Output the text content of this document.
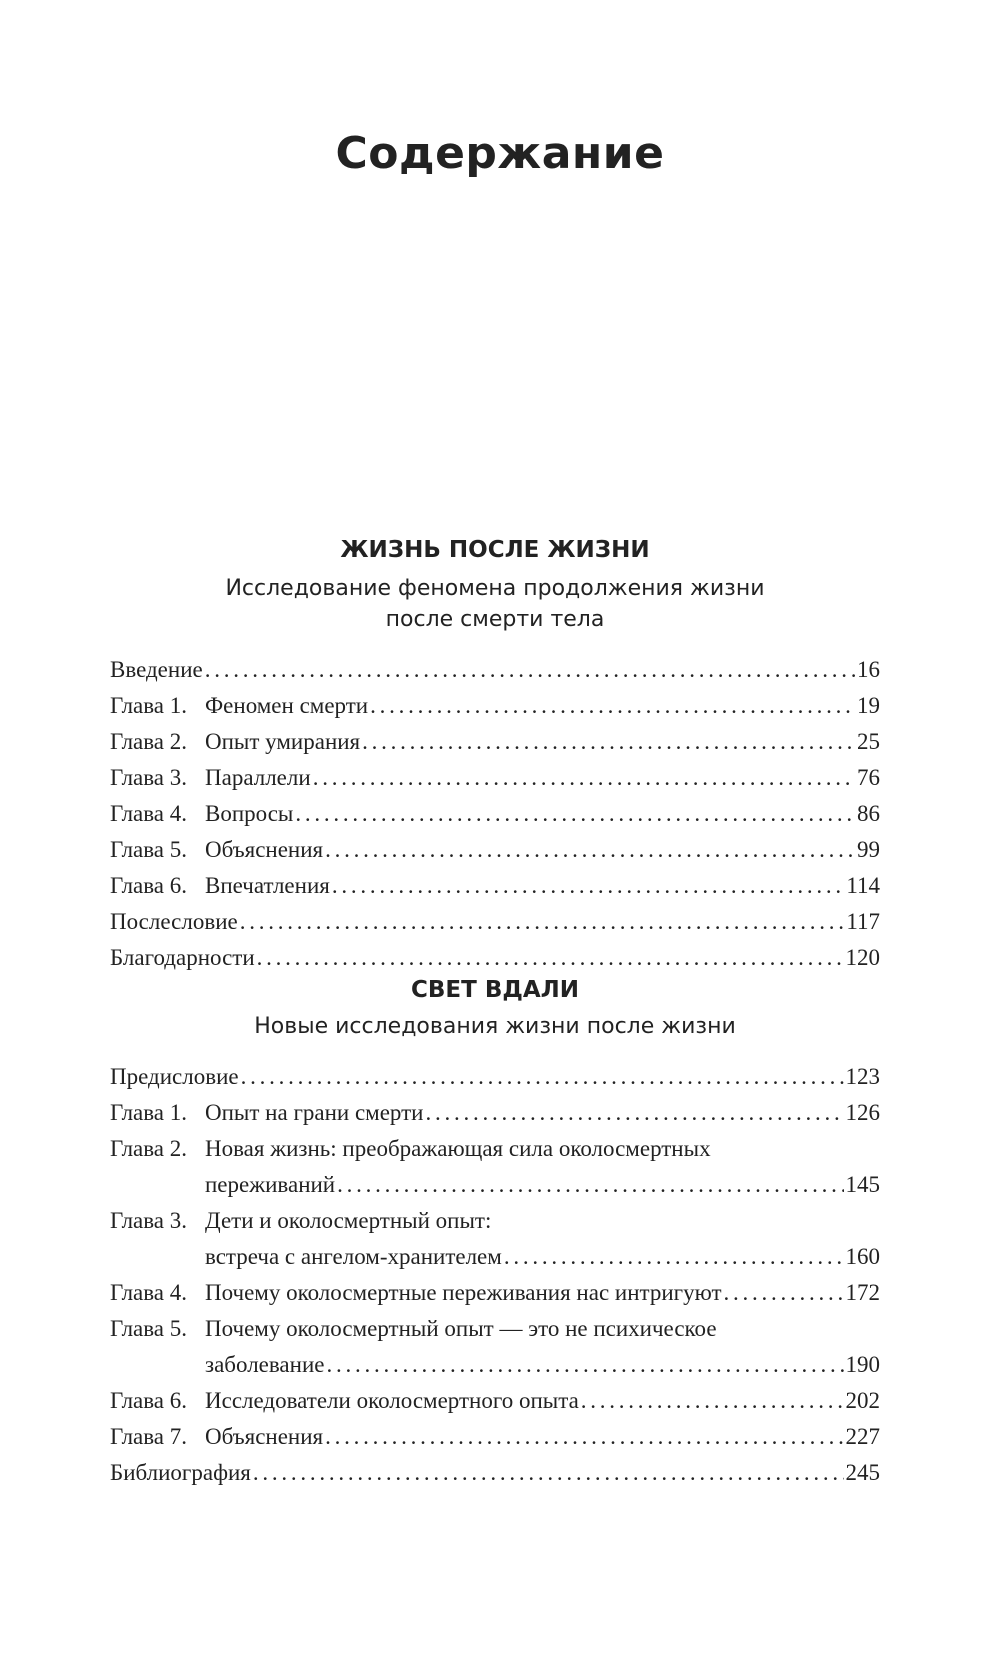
Содержание
ЖИЗНЬ ПОСЛЕ ЖИЗНИ

Исследование феномена продолжения жизни
после смерти тела

Введение . . .	16
Глава 1. Феномен смерти . . .	19
Глава 2. Опыт умирания . . .	25
Глава 3. Параллели . . .	76
Глава 4. Вопросы . . .	86
Глава 5. Объяснения . . .	99
Глава 6. Впечатления . . .	114
Послесловие . . .	117
Благодарности . . .	120
СВЕТ ВДАЛИ

Новые исследования жизни после жизни

Предисловие . . .	123
Глава 1. Опыт на грани смерти . . .	126
Глава 2. Новая жизнь: преображающая сила околосмертных
переживаний . . .	145
Глава 3. Дети и околосмертный опыт:
встреча с ангелом-хранителем . . .	160
Глава 4. Почему околосмертные переживания нас интригуют . . .	172
Глава 5. Почему околосмертный опыт — это не психическое
заболевание . . .	190
Глава 6. Исследователи околосмертного опыта . . .	202
Глава 7. Объяснения . . .	227
Библиография . . .	245
